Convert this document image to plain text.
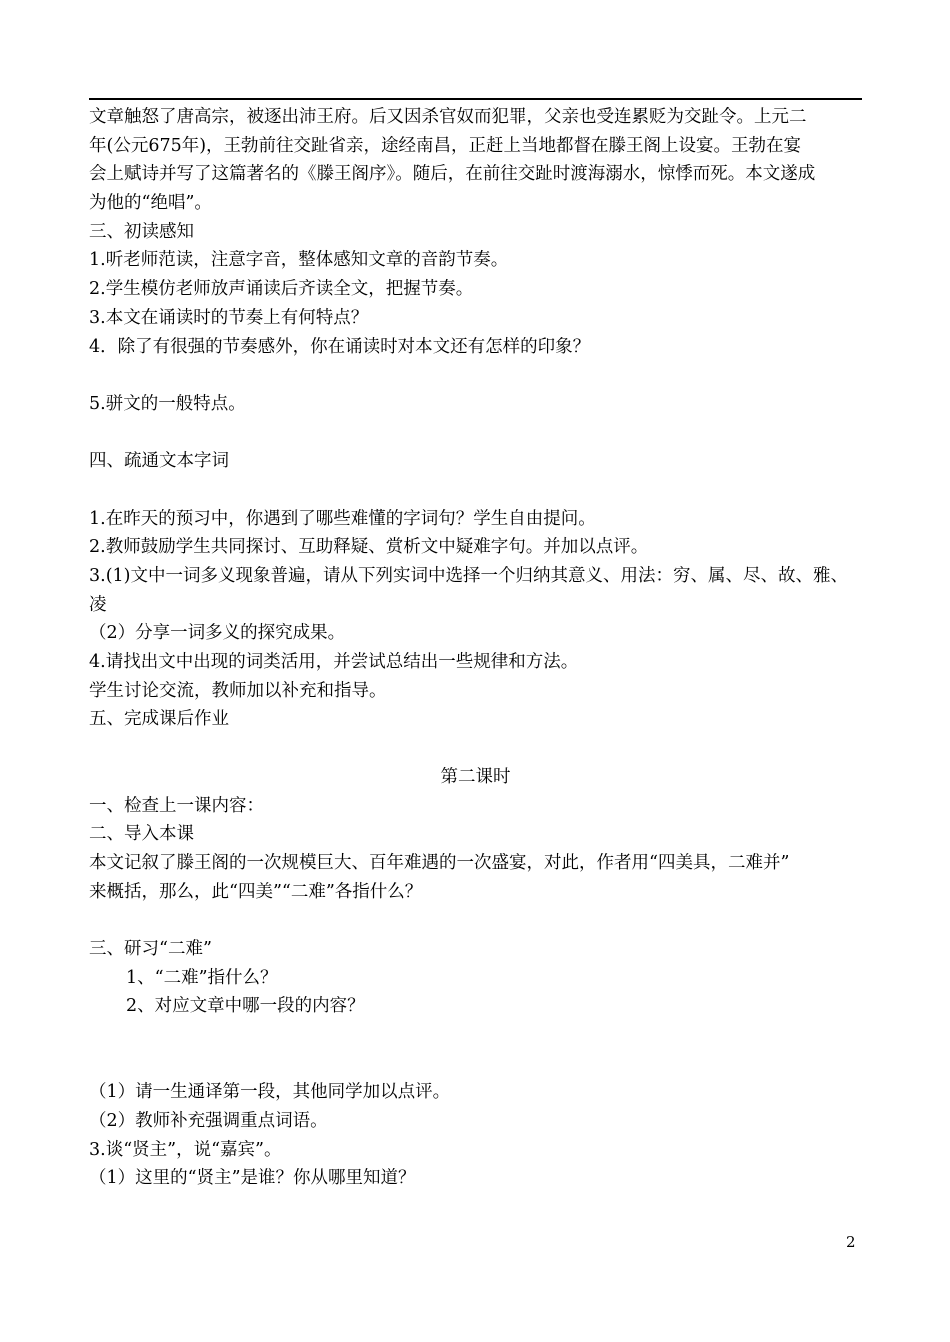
文章触怒了唐高宗，被逐出沛王府。后又因杀官奴而犯罪，父亲也受连累贬为交趾令。上元二
年(公元675年)，王勃前往交趾省亲，途经南昌，正赶上当地都督在滕王阁上设宴。王勃在宴
会上赋诗并写了这篇著名的《滕王阁序》。随后，在前往交趾时渡海溺水，惊悸而死。本文遂成
为他的“绝唱”。
三、初读感知
1.听老师范读，注意字音，整体感知文章的音韵节奏。
2.学生模仿老师放声诵读后齐读全文，把握节奏。
3.本文在诵读时的节奏上有何特点？
4．除了有很强的节奏感外，你在诵读时对本文还有怎样的印象？
5.骈文的一般特点。
四、疏通文本字词
1.在昨天的预习中，你遇到了哪些难懂的字词句？学生自由提问。
2.教师鼓励学生共同探讨、互助释疑、赏析文中疑难字句。并加以点评。
3.(1)文中一词多义现象普遍，请从下列实词中选择一个归纳其意义、用法：穷、属、尽、故、雅、
凌
（2）分享一词多义的探究成果。
4.请找出文中出现的词类活用，并尝试总结出一些规律和方法。
学生讨论交流，教师加以补充和指导。
五、完成课后作业
第二课时
一、检查上一课内容：
二、导入本课
本文记叙了滕王阁的一次规模巨大、百年难遇的一次盛宴，对此，作者用“四美具，二难并”
来概括，那么，此“四美”“二难”各指什么？
三、研习“二难”
1、“二难”指什么？
2、对应文章中哪一段的内容？
（1）请一生通译第一段，其他同学加以点评。
（2）教师补充强调重点词语。
3.谈“贤主”，说“嘉宾”。
（1）这里的“贤主”是谁？你从哪里知道？
2
